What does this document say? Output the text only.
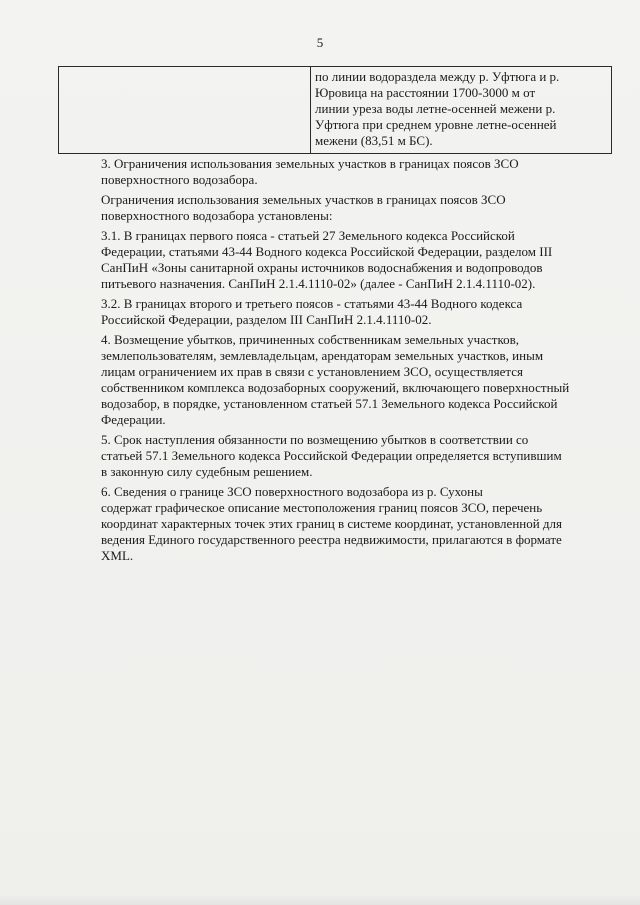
5
по линии водораздела между р. Уфтюга и р.
Юровица на расстоянии 1700-3000 м от
линии уреза воды летне-осенней межени р.
Уфтюга при среднем уровне летне-осенней
межени (83,51 м БС).

3. Ограничения использования земельных участков в границах поясов ЗСО
поверхностного водозабора.

Ограничения использования земельных участков в границах поясов ЗСО
поверхностного водозабора установлены:

3.1. В границах первого пояса - статьей 27 Земельного кодекса Российской
Федерации, статьями 43-44 Водного кодекса Российской Федерации, разделом III
СанПиН «Зоны санитарной охраны источников водоснабжения и водопроводов
питьевого назначения. СанПиН 2.1.4.1110-02» (далее - СанПиН 2.1.4.1110-02).

3.2. В границах второго и третьего поясов - статьями 43-44 Водного кодекса
Российской Федерации, разделом III СанПиН 2.1.4.1110-02.

4. Возмещение убытков, причиненных собственникам земельных участков,
землепользователям, землевладельцам, арендаторам земельных участков, иным
лицам ограничением их прав в связи с установлением ЗСО, осуществляется
собственником комплекса водозаборных сооружений, включающего поверхностный
водозабор, в порядке, установленном статьей 57.1 Земельного кодекса Российской
Федерации.

5. Срок наступления обязанности по возмещению убытков в соответствии со
статьей 57.1 Земельного кодекса Российской Федерации определяется вступившим
в законную силу судебным решением.

6. Сведения о границе ЗСО поверхностного водозабора из р. Сухоны
содержат графическое описание местоположения границ поясов ЗСО, перечень
координат характерных точек этих границ в системе координат, установленной для
ведения Единого государственного реестра недвижимости, прилагаются в формате
XML.
